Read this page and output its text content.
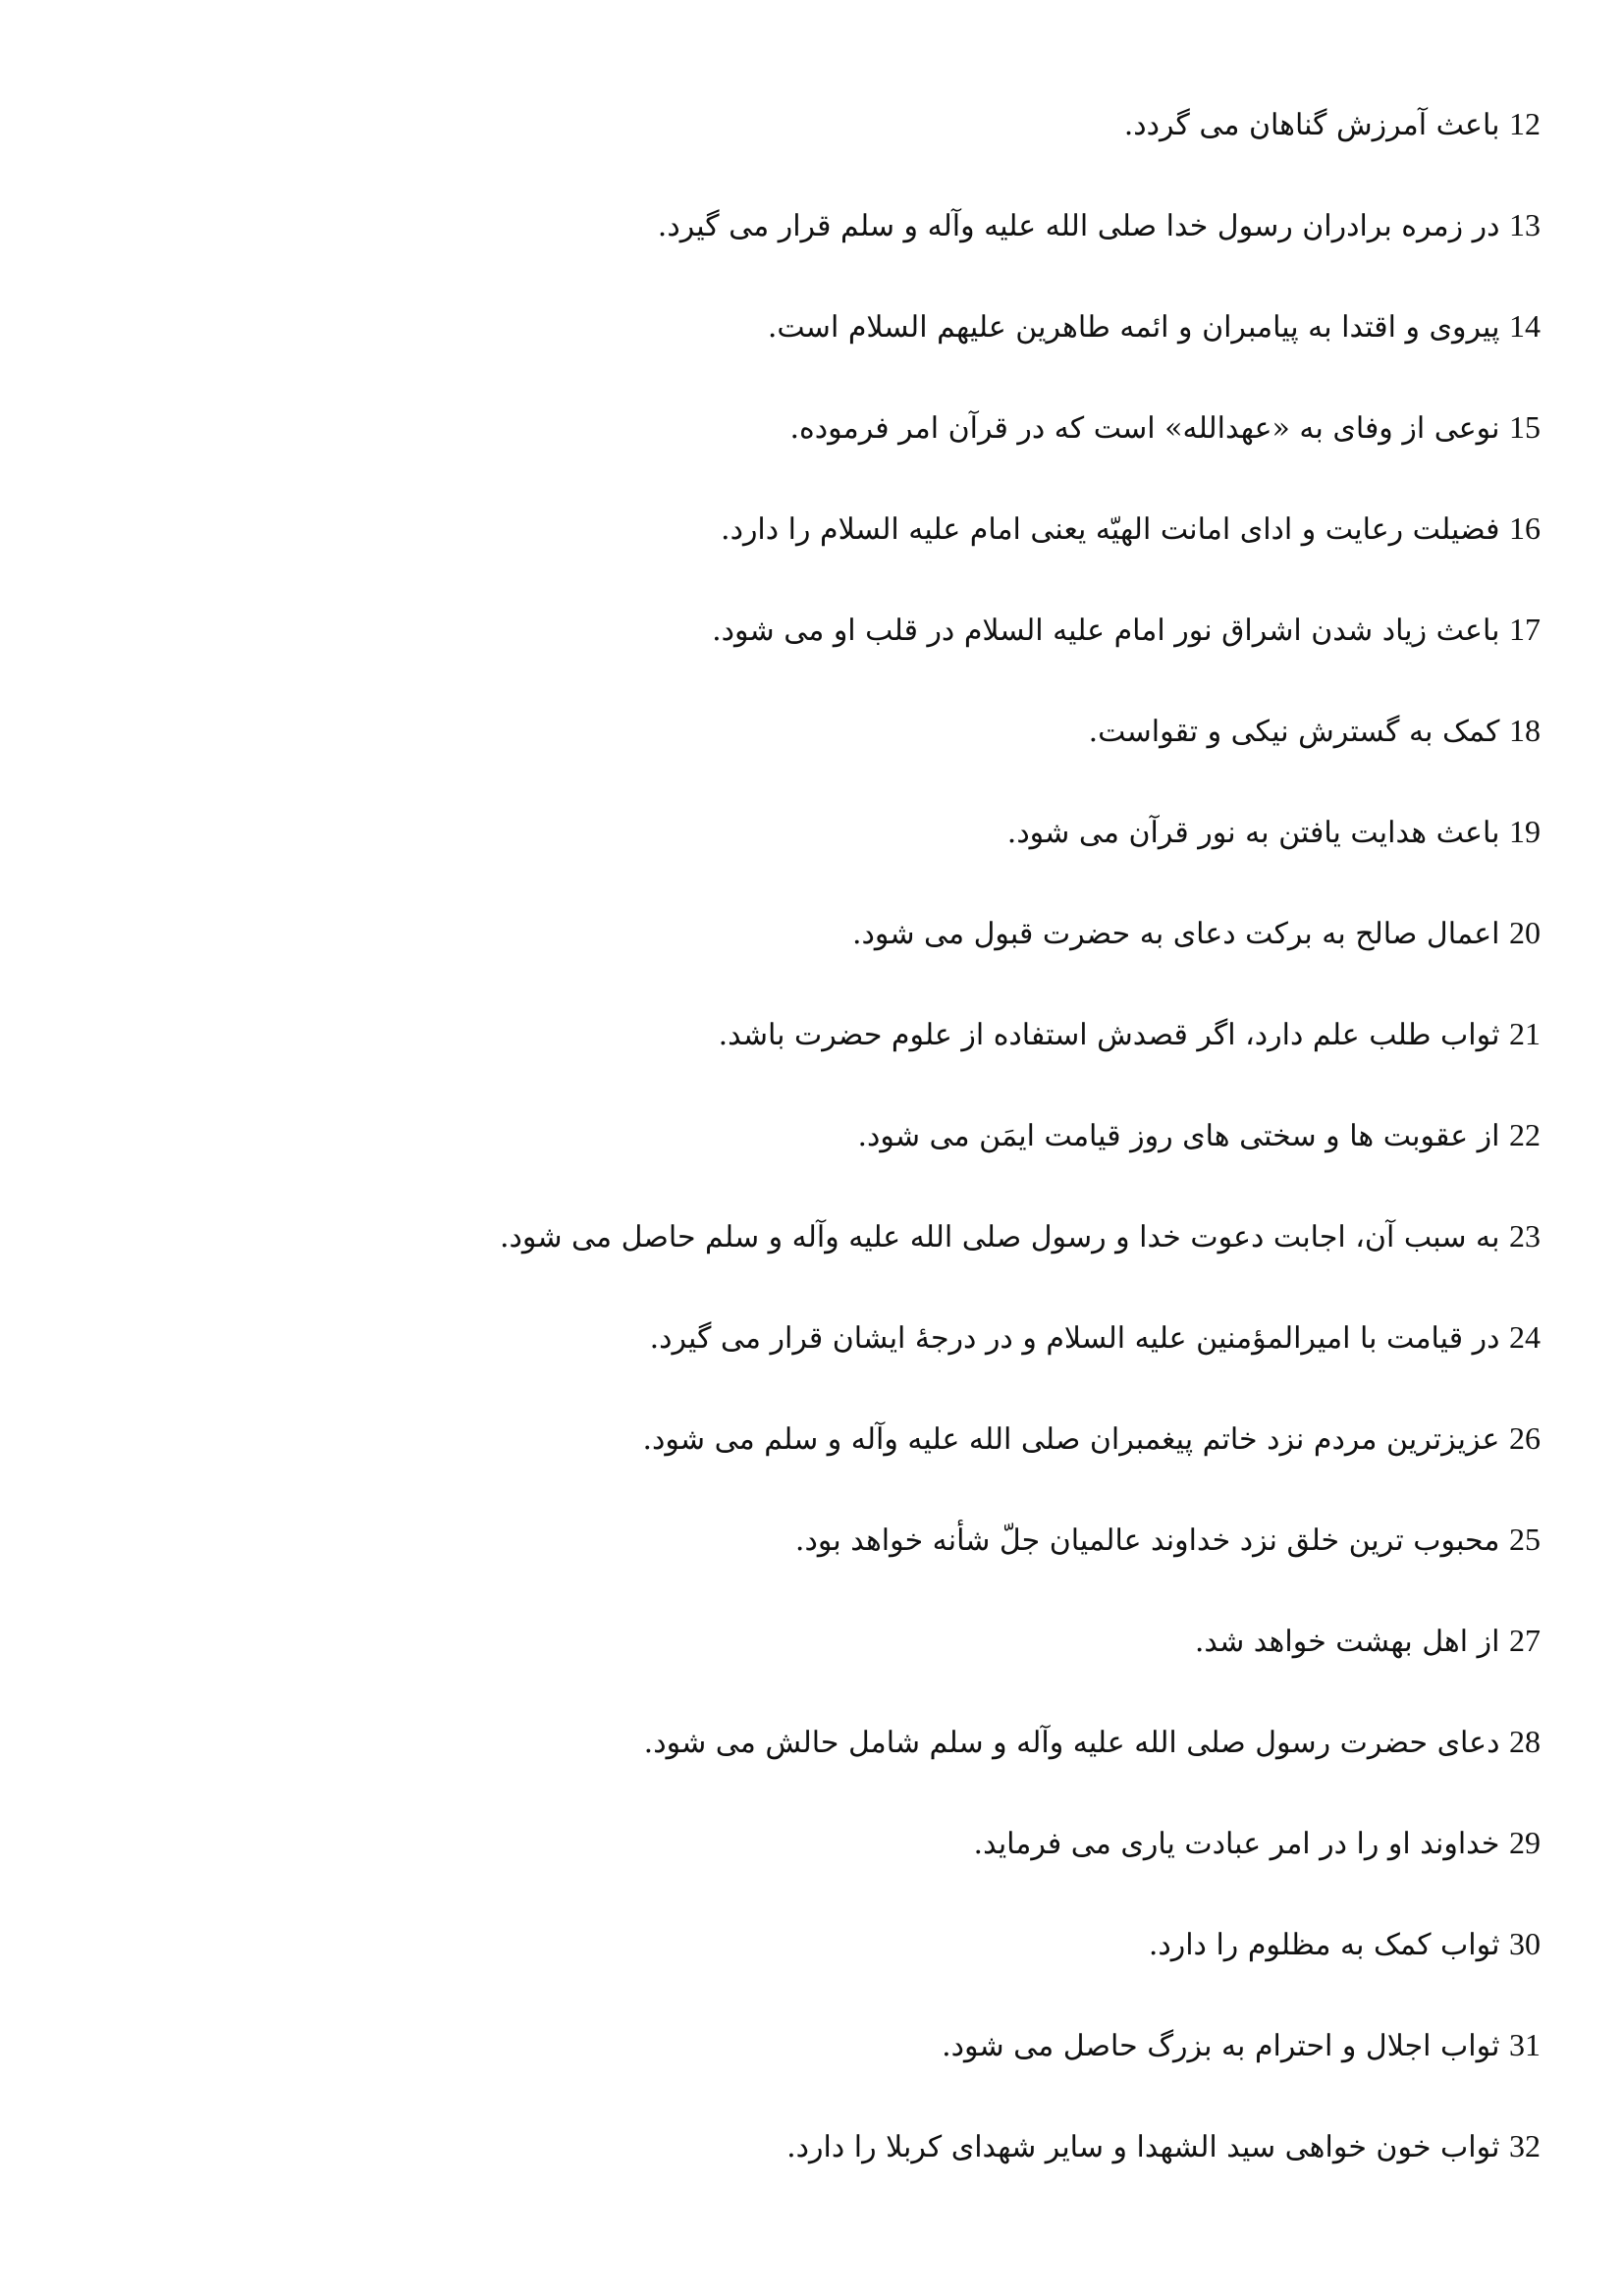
12 باعث آمرزش گناهان می گردد.
13 در زمره برادران رسول خدا صلی الله علیه وآله و سلم قرار می گیرد.
14 پیروی و اقتدا به پیامبران و ائمه طاهرین علیهم السلام است.
15 نوعی از وفای به «عهدالله» است که در قرآن امر فرموده.
16 فضیلت رعایت و ادای امانت الهیّه یعنی امام علیه السلام را دارد.
17 باعث زیاد شدن اشراق نور امام علیه السلام در قلب او می شود.
18 کمک به گسترش نیکی و تقواست.
19 باعث هدایت یافتن به نور قرآن می شود.
20 اعمال صالح به برکت دعای به حضرت قبول می شود.
21 ثواب طلب علم دارد، اگر قصدش استفاده از علوم حضرت باشد.
22 از عقوبت ها و سختی های روز قیامت ایمَن می شود.
23 به سبب آن، اجابت دعوت خدا و رسول صلی الله علیه وآله و سلم حاصل می شود.
24 در قیامت با امیرالمؤمنین علیه السلام و در درجهٔ ایشان قرار می گیرد.
26 عزیزترین مردم نزد خاتم پیغمبران صلی الله علیه وآله و سلم می شود.
25 محبوب ترین خلق نزد خداوند عالمیان جلّ شأنه خواهد بود.
27 از اهل بهشت خواهد شد.
28 دعای حضرت رسول صلی الله علیه وآله و سلم شامل حالش می شود.
29 خداوند او را در امر عبادت یاری می فرماید.
30 ثواب کمک به مظلوم را دارد.
31 ثواب اجلال و احترام به بزرگ حاصل می شود.
32 ثواب خون خواهی سید الشهدا و سایر شهدای کربلا را دارد.
